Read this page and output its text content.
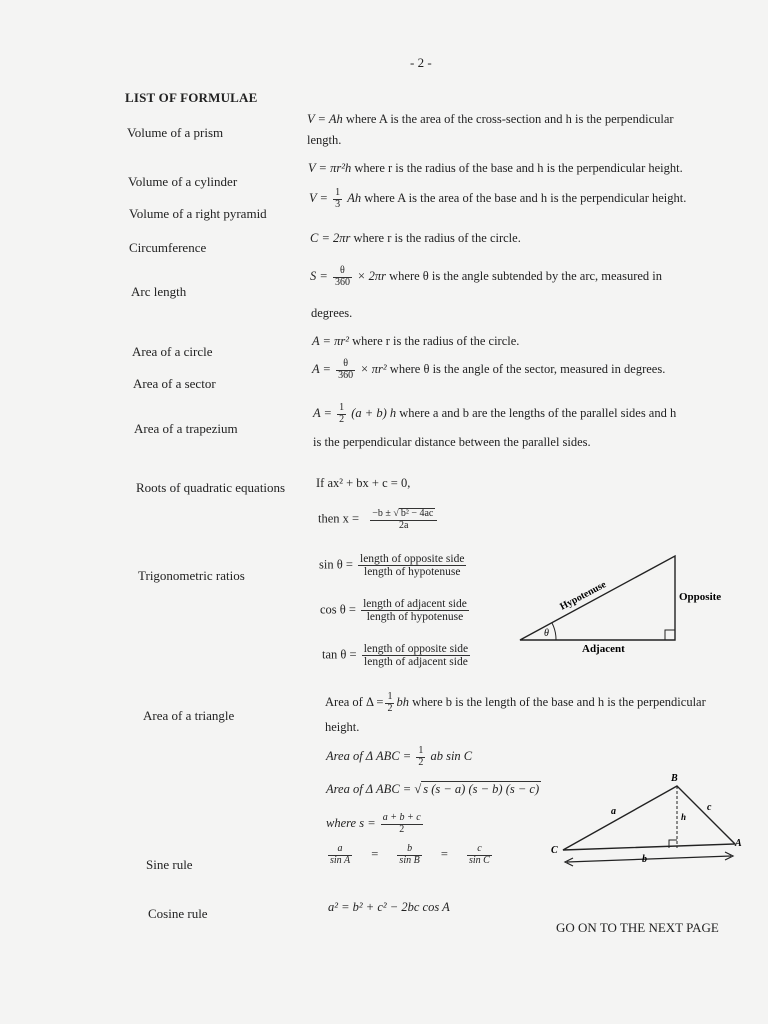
- 2 -
LIST OF FORMULAE
Volume of a prism
V = Ah where A is the area of the cross-section and h is the perpendicular
length.
Volume of a cylinder
V = πr²h where r is the radius of the base and h is the perpendicular height.
Volume of a right pyramid
$V = \frac{1}{3}$ Ah where A is the area of the base and h is the perpendicular height.
Circumference
C = 2πr where r is the radius of the circle.
Arc length
$S = \frac{\theta}{360} \times 2\pi r$ where θ is the angle subtended by the arc, measured in
degrees.
Area of a circle
A = πr² where r is the radius of the circle.
Area of a sector
$A = \frac{\theta}{360} \times \pi r^2$ where θ is the angle of the sector, measured in degrees.
Area of a trapezium
$A = \frac{1}{2} (a + b)$ h where a and b are the lengths of the parallel sides and h
is the perpendicular distance between the parallel sides.
Roots of quadratic equations If ax² + bx + c = 0,
then $x = \frac{\text{−b ± √ b² − 4ac}}{2a}$
Trigonometric ratios
$\sin \theta = \frac{\text{length of opposite side}}{\text{length of hypotenuse}}$
$\cos \theta = \frac{\text{length of adjacent side}}{\text{length of hypotenuse}}$
$\tan \theta = \frac{\text{length of opposite side}}{\text{length of adjacent side}}$
θ
Hypotenuse	Opposite
Adjacent
Area of a triangle
Area of $\Delta = \frac{1}{2}$ bh where b is the length of the base and h is the perpendicular
height.
Area of Δ ABC = $\frac{1}{2}$ ab sin C
Area of Δ ABC = √ s (s − a) (s − b) (s − c)
where $s = \frac{a + b + c}{2}$
Sine rule	$\frac{a}{\text{sin A}} = \frac{b}{\text{sin B}} = \frac{c}{\text{sin C}}$
Cosine rule	a² = b² + c² − 2bc cos A
B
C
A
a	c
b
h
GO ON TO THE NEXT PAGE
